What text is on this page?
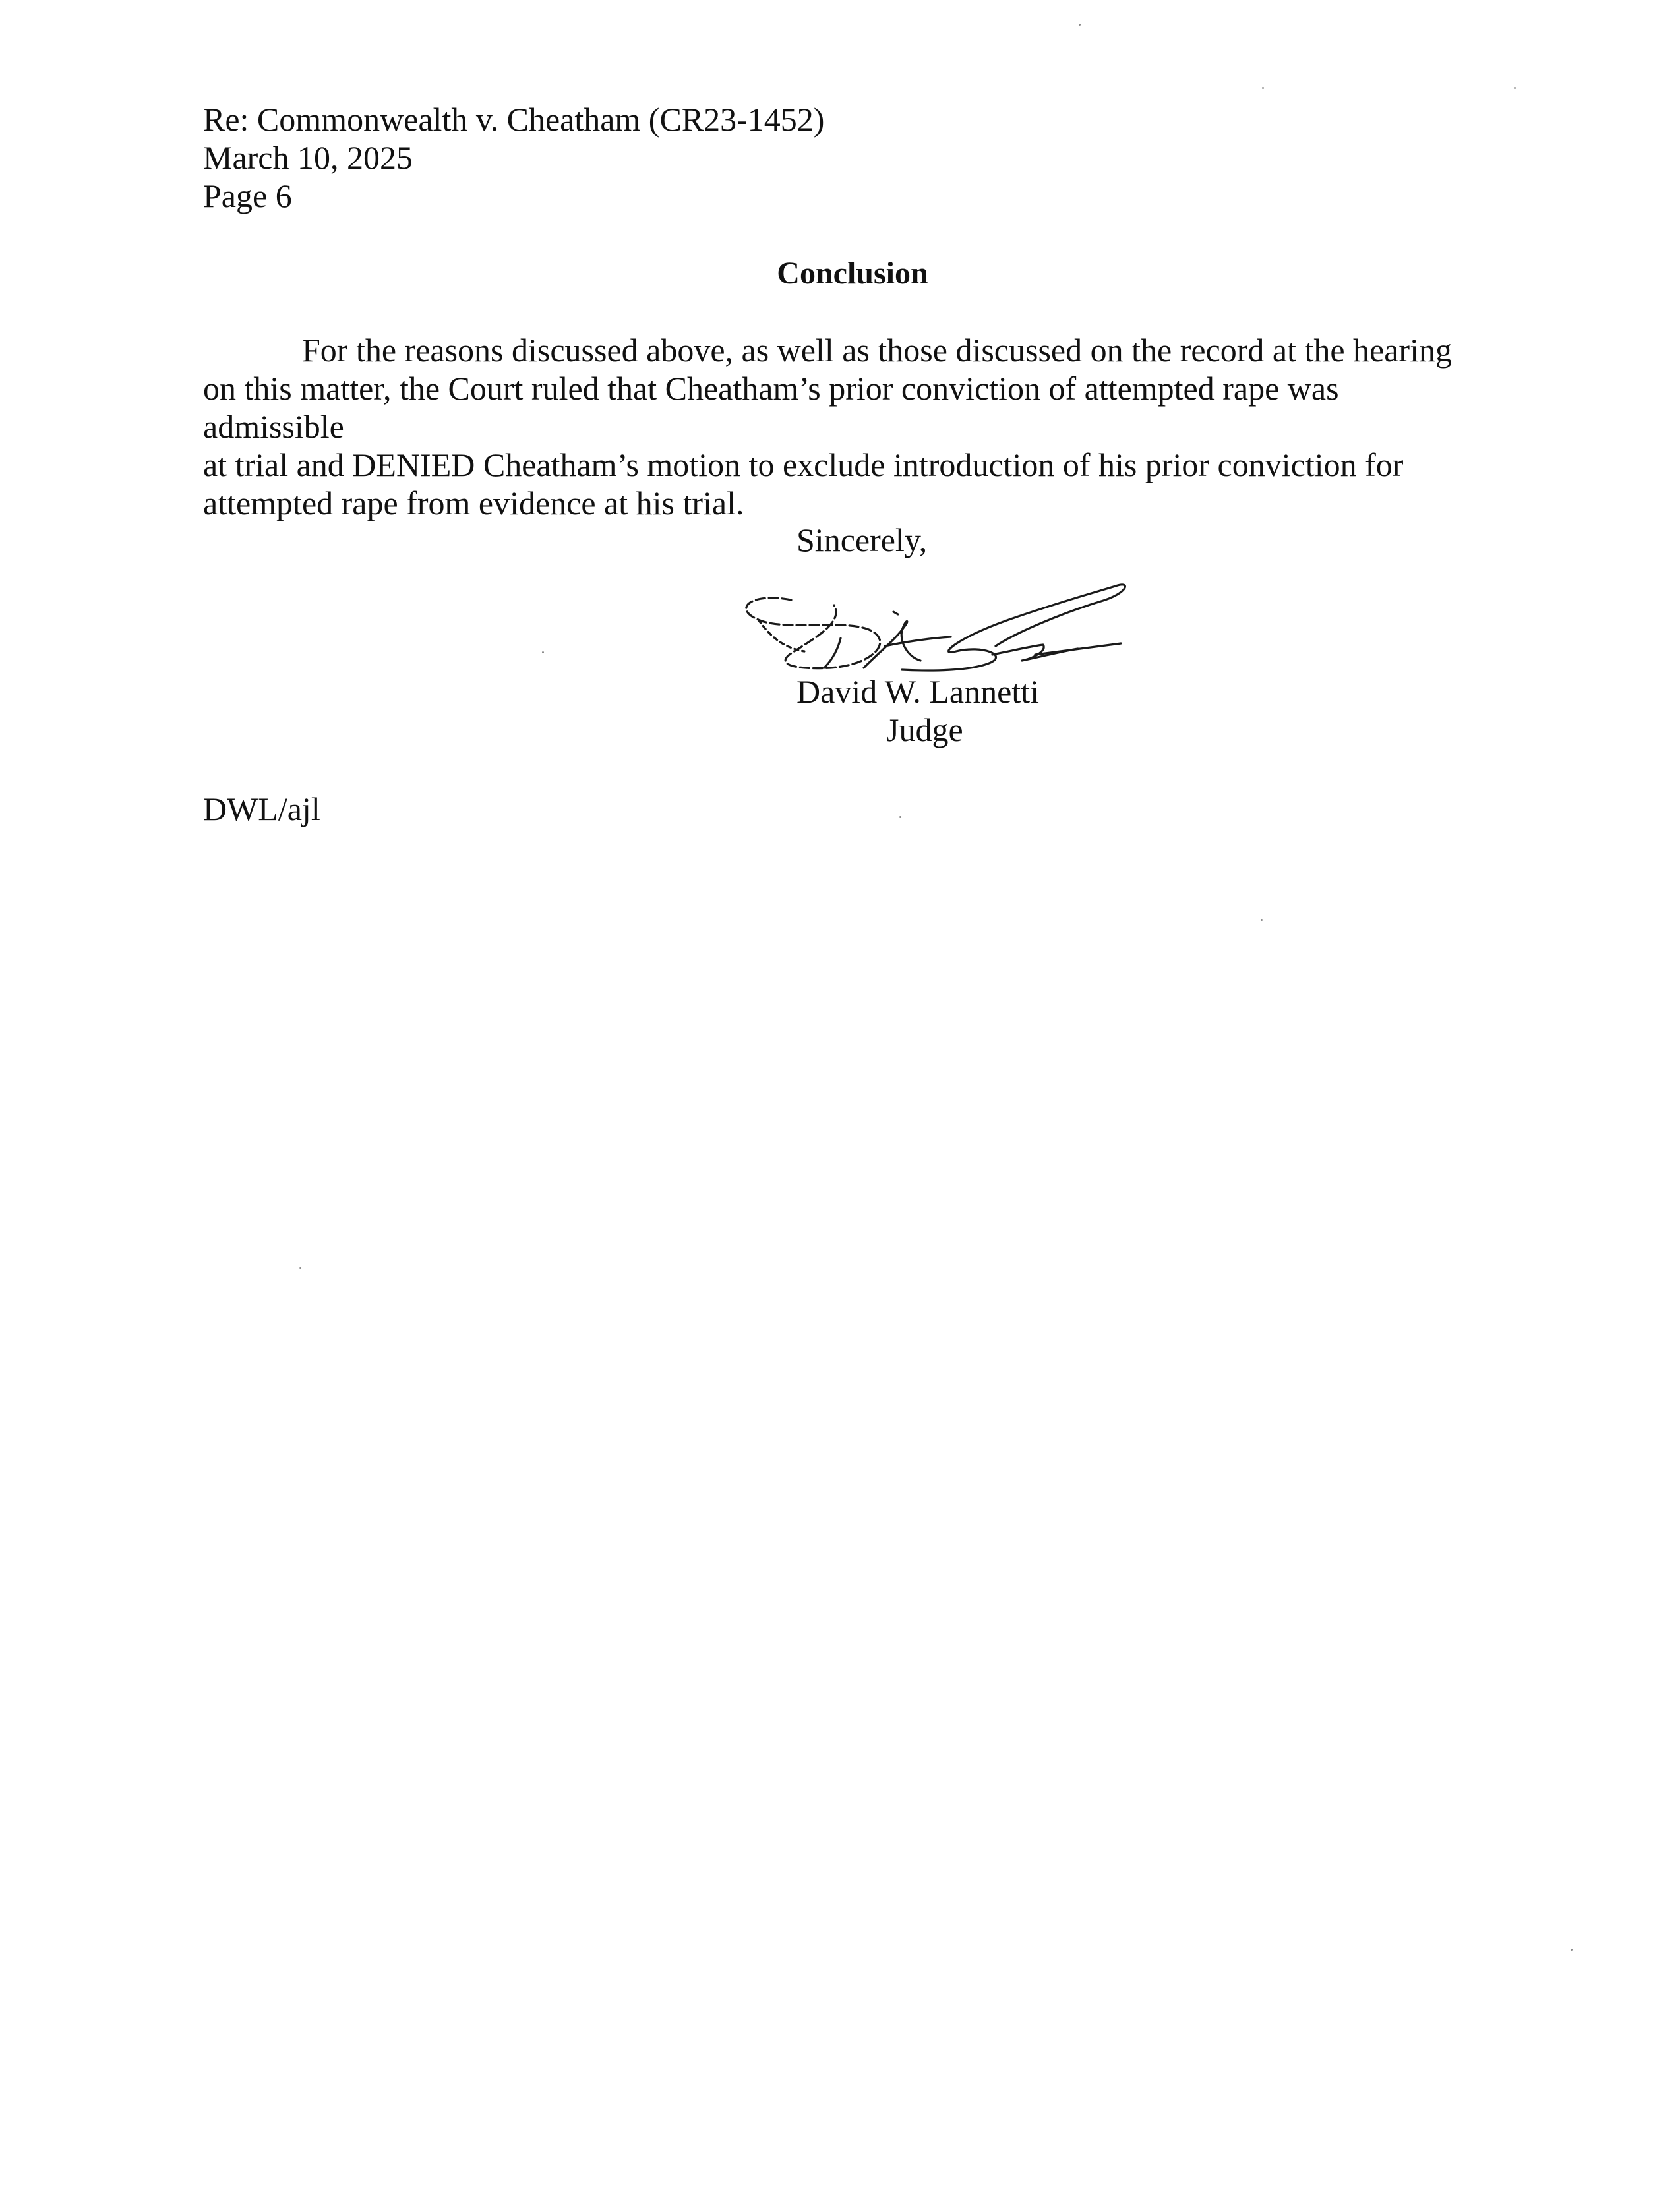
Re: Commonwealth v. Cheatham (CR23-1452)
March 10, 2025
Page 6
Conclusion
For the reasons discussed above, as well as those discussed on the record at the hearing
on this matter, the Court ruled that Cheatham’s prior conviction of attempted rape was admissible
at trial and DENIED Cheatham’s motion to exclude introduction of his prior conviction for
attempted rape from evidence at his trial.
Sincerely,
David W. Lannetti
Judge
DWL/ajl
